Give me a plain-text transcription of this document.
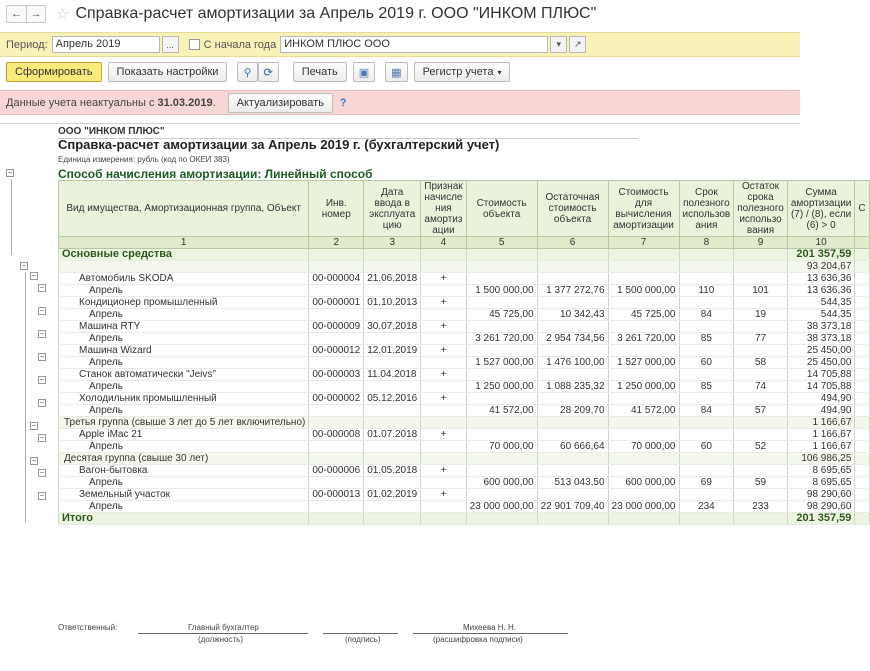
← → ☆ Справка-расчет амортизации за Апрель 2019 г. ООО "ИНКОМ ПЛЮС"
Период: Апрель 2019	...	С начала года ИНКОМ ПЛЮС ООО	▾ ↗
Сформировать	Показать настройки	⚲ ⟳	Печать	▣ ▦ Регистр учета ▾
Данные учета неактуальны с 31.03.2019.	Актуализировать	?
−
−
−
−
−
−
−
−
−
−
−
−
−
−
ООО "ИНКОМ ПЛЮС"
Справка-расчет амортизации за Апрель 2019 г. (бухгалтерский учет)
Единица измерения: рубль (код по ОКЕИ 383)
Способ начисления амортизации: Линейный способ
Вид имущества, Амортизационная группа, Объект	Инв. номер	Дата ввода в эксплуата цию	Признак начисле ния амортиз ации	Стоимость объекта	Остаточная стоимость объекта	Стоимость для вычисления амортизации	Срок полезного использов ания	Остаток срока полезного использо вания	Сумма амортизации (7) / (8), если (6) > 0	С
1	2	3	4	5	6	7	8	9	10	
Основные средства									201 357,59	
									93 204,67	
Автомобиль SKODA	00-000004	21.06.2018	+						13 636,36	
Апрель				1 500 000,00	1 377 272,76	1 500 000,00	110	101	13 636,36	
Кондиционер промышленный	00-000001	01.10.2013	+						544,35	
Апрель				45 725,00	10 342,43	45 725,00	84	19	544,35	
Машина RTY	00-000009	30.07.2018	+						38 373,18	
Апрель				3 261 720,00	2 954 734,56	3 261 720,00	85	77	38 373,18	
Машина Wizard	00-000012	12.01.2019	+						25 450,00	
Апрель				1 527 000,00	1 476 100,00	1 527 000,00	60	58	25 450,00	
Станок автоматически "Jeivs"	00-000003	11.04.2018	+						14 705,88	
Апрель				1 250 000,00	1 088 235,32	1 250 000,00	85	74	14 705,88	
Холодильник промышленный	00-000002	05.12.2016	+						494,90	
Апрель				41 572,00	28 209,70	41 572,00	84	57	494,90	
Третья группа (свыше 3 лет до 5 лет включительно)									1 166,67	
Apple iMac 21	00-000008	01.07.2018	+						1 166,67	
Апрель				70 000,00	60 666,64	70 000,00	60	52	1 166,67	
Десятая группа (свыше 30 лет)									106 986,25	
Вагон-бытовка	00-000006	01.05.2018	+						8 695,65	
Апрель				600 000,00	513 043,50	600 000,00	69	59	8 695,65	
Земельный участок	00-000013	01.02.2019	+						98 290,60	
Апрель				23 000 000,00	22 901 709,40	23 000 000,00	234	233	98 290,60	
Итого									201 357,59	
Ответственный:	Главный бухгалтер
(должность)	(подпись)
Михеева Н. Н.
(расшифровка подписи)
